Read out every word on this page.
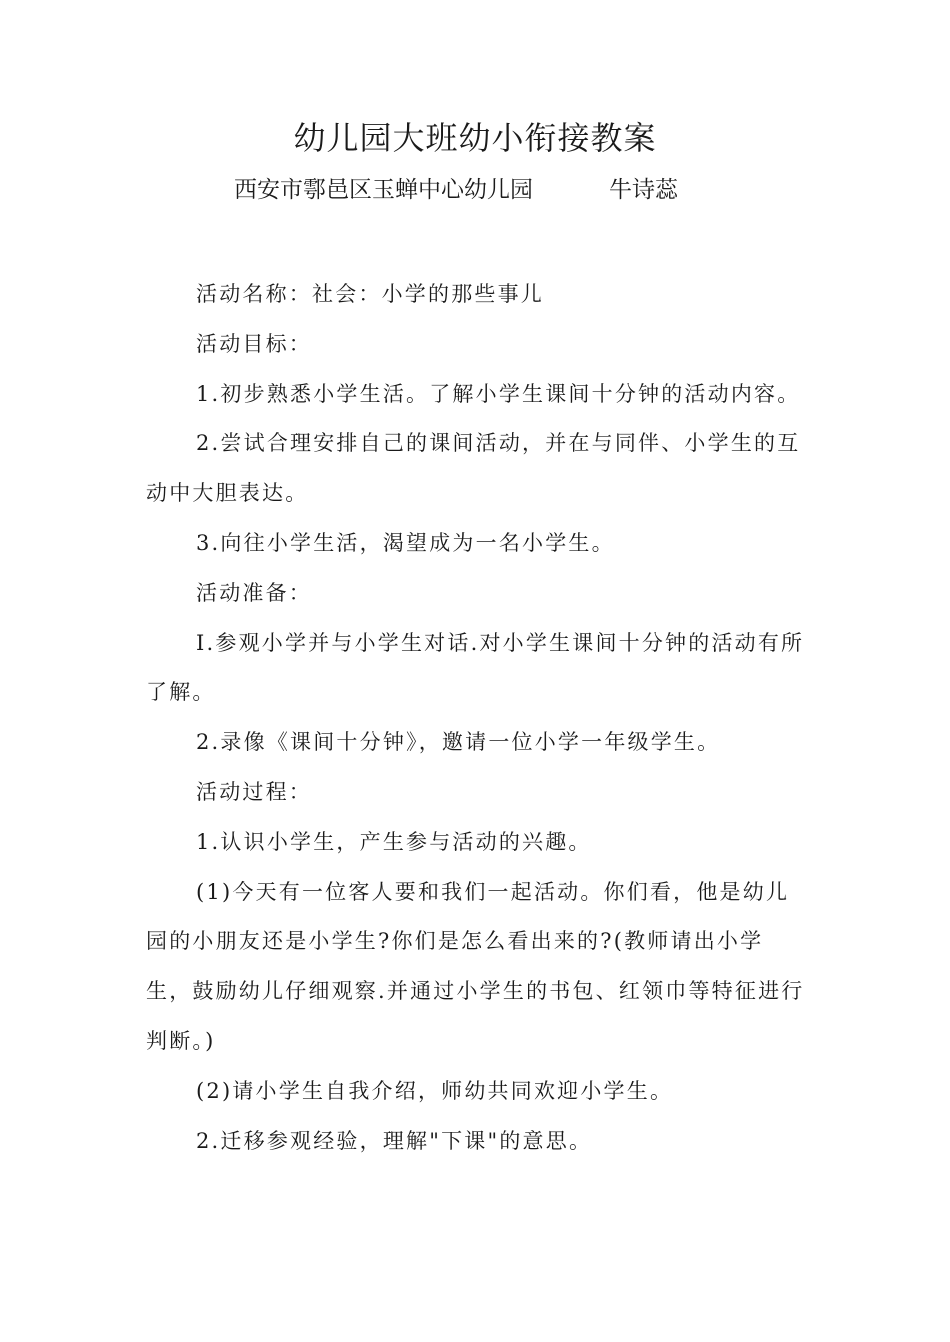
幼儿园大班幼小衔接教案
西安市鄠邑区玉蝉中心幼儿园	牛诗蕊

活动名称：社会：小学的那些事儿

活动目标：

1.初步熟悉小学生活。了解小学生课间十分钟的活动内容。

2.尝试合理安排自己的课间活动，并在与同伴、小学生的互动中大胆表达。

3.向往小学生活，渴望成为一名小学生。

活动准备：

I.参观小学并与小学生对话.对小学生课间十分钟的活动有所了解。

2.录像《课间十分钟》，邀请一位小学一年级学生。

活动过程：

1.认识小学生，产生参与活动的兴趣。

(1)今天有一位客人要和我们一起活动。你们看，他是幼儿园的小朋友还是小学生?你们是怎么看出来的?(教师请出小学生，鼓励幼儿仔细观察.并通过小学生的书包、红领巾等特征进行判断。)

(2)请小学生自我介绍，师幼共同欢迎小学生。

2.迁移参观经验，理解"下课"的意思。
